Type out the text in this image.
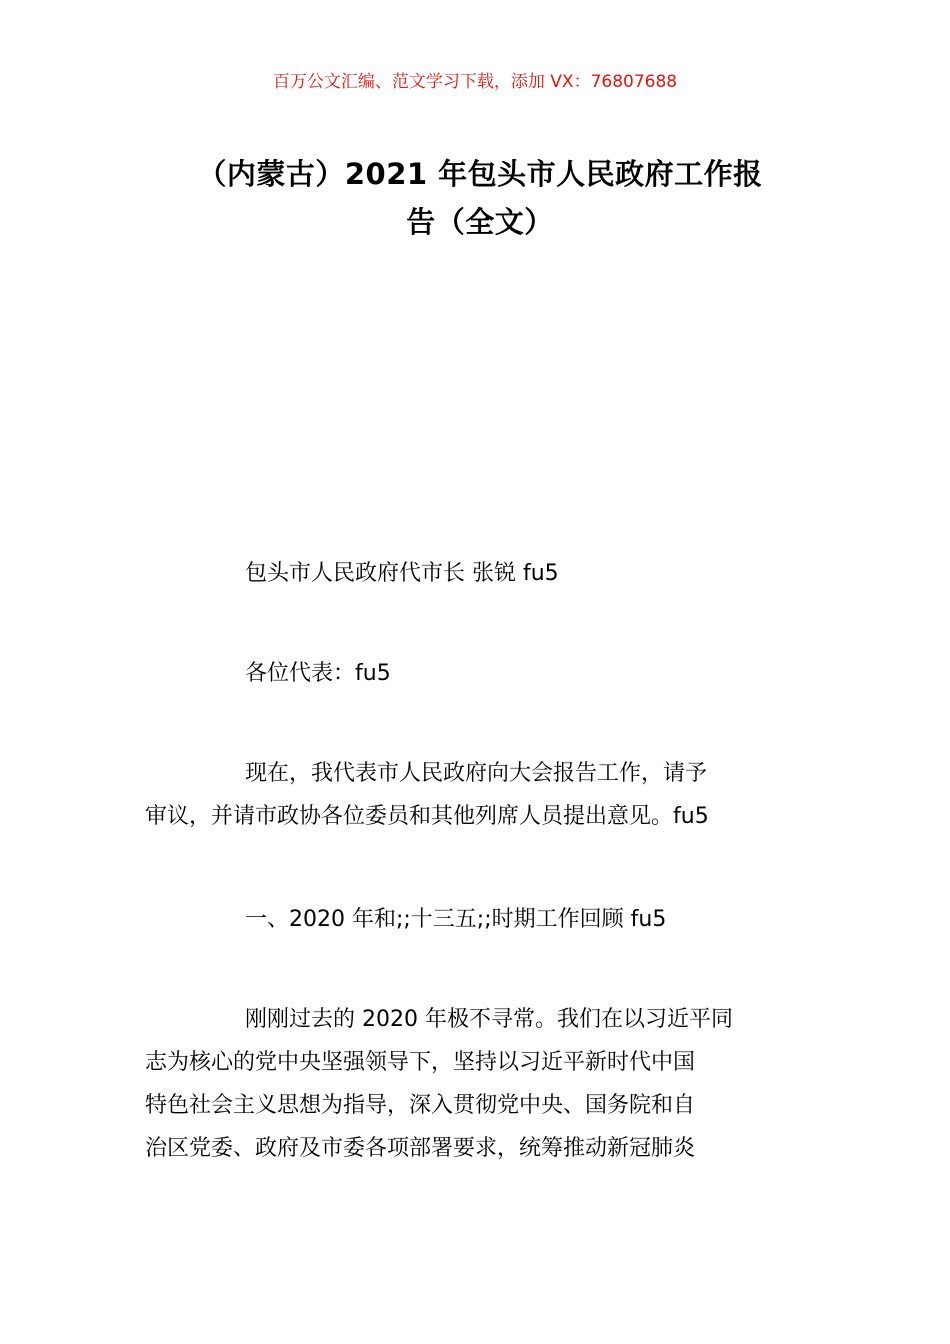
百万公文汇编、范文学习下载，添加 VX：76807688
（内蒙古）2021 年包头市人民政府工作报
告（全文）
包头市人民政府代市长 张锐 fu5
各位代表：fu5
现在，我代表市人民政府向大会报告工作，请予
审议，并请市政协各位委员和其他列席人员提出意见。fu5
一、2020 年和;;十三五;;时期工作回顾 fu5
刚刚过去的 2020 年极不寻常。我们在以习近平同
志为核心的党中央坚强领导下，坚持以习近平新时代中国
特色社会主义思想为指导，深入贯彻党中央、国务院和自
治区党委、政府及市委各项部署要求，统筹推动新冠肺炎
